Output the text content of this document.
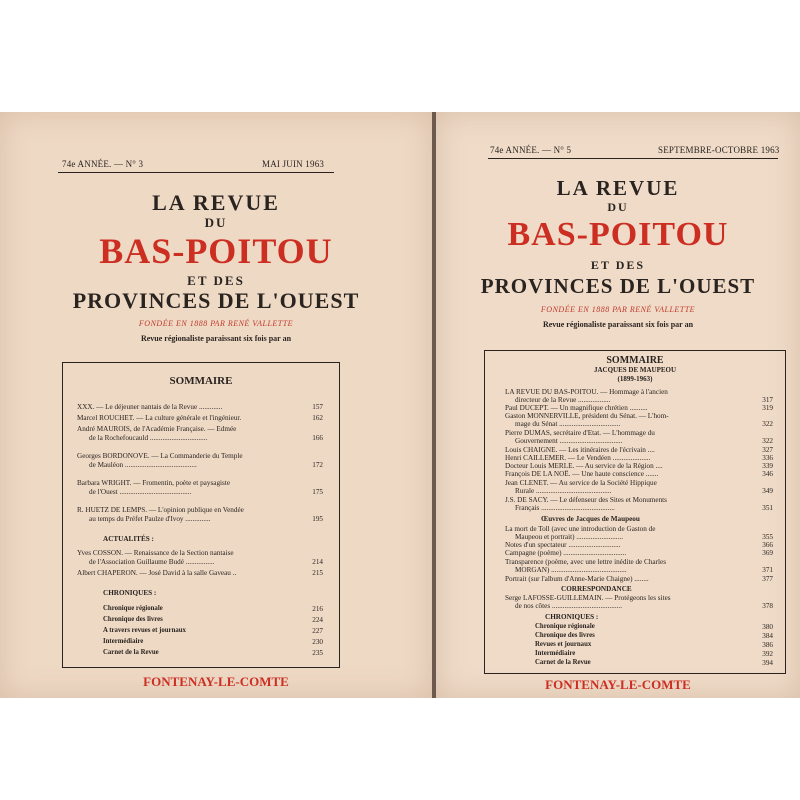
74e ANNÉE. — N° 3	MAI JUIN 1963
LA REVUE
DU
BAS-POITOU
ET DES
PROVINCES DE L'OUEST
FONDÉE EN 1888 PAR RENÉ VALLETTE
Revue régionaliste paraissant six fois par an
SOMMAIRE
XXX. — Le déjeuner nantais de la Revue .............	157
Marcel ROUCHET. — La culture générale et l'ingénieur.	162
André MAUROIS, de l'Académie Française. — Edmée
de la Rochefoucauld ................................	166
Georges BORDONOVE. — La Commanderie du Temple
de Mauléon ........................................	172
Barbara WRIGHT. — Fromentin, poète et paysagiste
de l'Ouest ........................................	175
R. HUETZ DE LEMPS. — L'opinion publique en Vendée
au temps du Préfet Paulze d'Ivoy ..............	195
ACTUALITÉS :
Yves COSSON. — Renaissance de la Section nantaise
de l'Association Guillaume Budé ................	214
Albert CHAPERON. — José David à la salle Gaveau ..	215
CHRONIQUES :
Chronique régionale	216
Chronique des livres	224
A travers revues et journaux	227
Intermédiaire	230
Carnet de la Revue	235
FONTENAY-LE-COMTE
74e ANNÉE. — N° 5	SEPTEMBRE-OCTOBRE 1963
LA REVUE
DU
BAS-POITOU
ET DES
PROVINCES DE L'OUEST
FONDÉE EN 1888 PAR RENÉ VALLETTE
Revue régionaliste paraissant six fois par an
SOMMAIRE
JACQUES DE MAUPEOU
(1899-1963)
LA REVUE DU BAS-POITOU. — Hommage à l'ancien
directeur de la Revue ..................	317
Paul DUCEPT. — Un magnifique chrétien ..........	319
Gaston MONNERVILLE, président du Sénat. — L'hom-
mage du Sénat ..................................	322
Pierre DUMAS, secrétaire d'Etat. — L'hommage du
Gouvernement ...................................	322
Louis CHAIGNE. — Les itinéraires de l'écrivain ....	327
Henri CAILLEMER. — Le Vendéen .....................	336
Docteur Louis MERLE. — Au service de la Région ....	339
François DE LA NOË. — Une haute conscience .......	346
Jean CLENET. — Au service de la Société Hippique
Rurale ..........................................	349
J.S. DE SACY. — Le défenseur des Sites et Monuments
Français .........................................	351
Œuvres de Jacques de Maupeou
La mort de Toll (avec une introduction de Gaston de
Maupeou et portrait) ..........................	355
Notes d'un spectateur .............................	366
Campagne (poème) ...................................	369
Transparence (poème, avec une lettre inédite de Charles
MORGAN) ..........................................	371
Portrait (sur l'album d'Anne-Marie Chaigne) ........	377
CORRESPONDANCE
Serge LAFOSSE-GUILLEMAIN. — Protégeons les sites
de nos côtes .......................................	378
CHRONIQUES :
Chronique régionale	380
Chronique des livres	384
Revues et journaux	386
Intermédiaire	392
Carnet de la Revue	394
FONTENAY-LE-COMTE
